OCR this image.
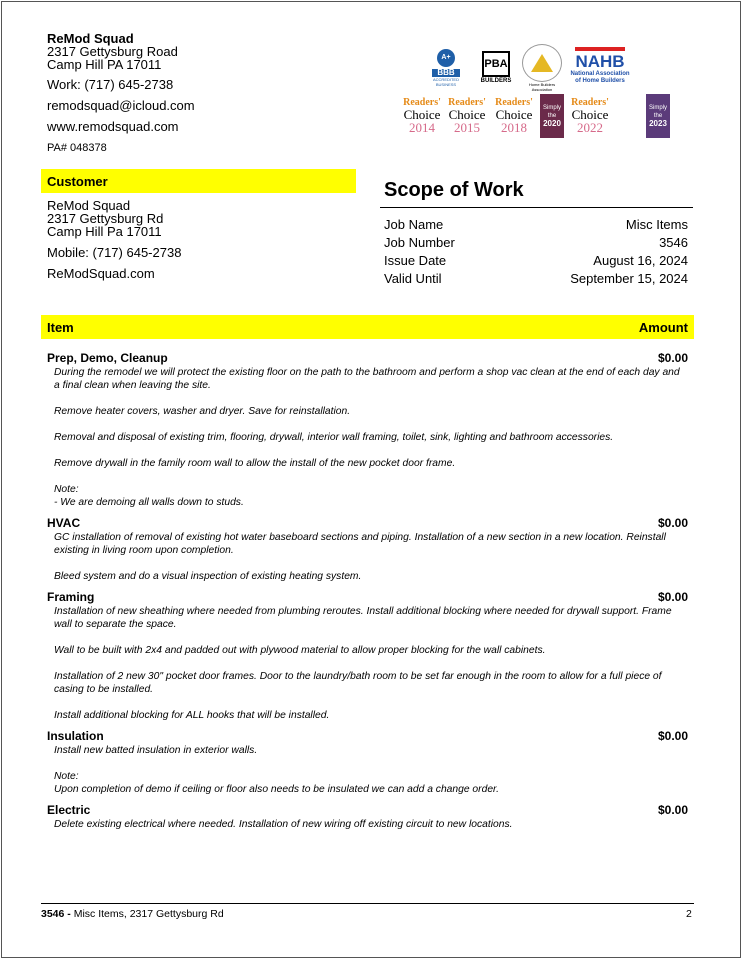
ReMod Squad
2317 Gettysburg Road
Camp Hill PA 17011
Work: (717) 645-2738
remodsquad@icloud.com
www.remodsquad.com
PA# 048378
A+
BBB
ACCREDITED BUSINESS
PBA
BUILDERS
Home Builders Association
NAHB
National Association of Home Builders
Readers'
Choice
2014
Readers'
Choice
2015
Readers'
Choice
2018
Simply
the
2020
Readers'
Choice
2022
Simply
the
2023
Customer
ReMod Squad
2317 Gettysburg Rd
Camp Hill Pa 17011
Mobile: (717) 645-2738
ReModSquad.com
Scope of Work
Job Name	Misc Items
Job Number	3546
Issue Date	August 16, 2024
Valid Until	September 15, 2024
Item	Amount
Prep, Demo, Cleanup	$0.00
During the remodel we will protect the existing floor on the path to the bathroom and perform a shop vac clean at the end of each day and a final clean when leaving the site.
Remove heater covers, washer and dryer. Save for reinstallation.
Removal and disposal of existing trim, flooring, drywall, interior wall framing, toilet, sink, lighting and bathroom accessories.
Remove drywall in the family room wall to allow the install of the new pocket door frame.
Note:
- We are demoing all walls down to studs.
HVAC	$0.00
GC installation of removal of existing hot water baseboard sections and piping. Installation of a new section in a new location. Reinstall existing in living room upon completion.
Bleed system and do a visual inspection of existing heating system.
Framing	$0.00
Installation of new sheathing where needed from plumbing reroutes. Install additional blocking where needed for drywall support. Frame wall to separate the space.
Wall to be built with 2x4 and padded out with plywood material to allow proper blocking for the wall cabinets.
Installation of 2 new 30" pocket door frames. Door to the laundry/bath room to be set far enough in the room to allow for a full piece of casing to be installed.
Install additional blocking for ALL hooks that will be installed.
Insulation	$0.00
Install new batted insulation in exterior walls.
Note:
Upon completion of demo if ceiling or floor also needs to be insulated we can add a change order.
Electric	$0.00
Delete existing electrical where needed. Installation of new wiring off existing circuit to new locations.
3546 - Misc Items, 2317 Gettysburg Rd	2
